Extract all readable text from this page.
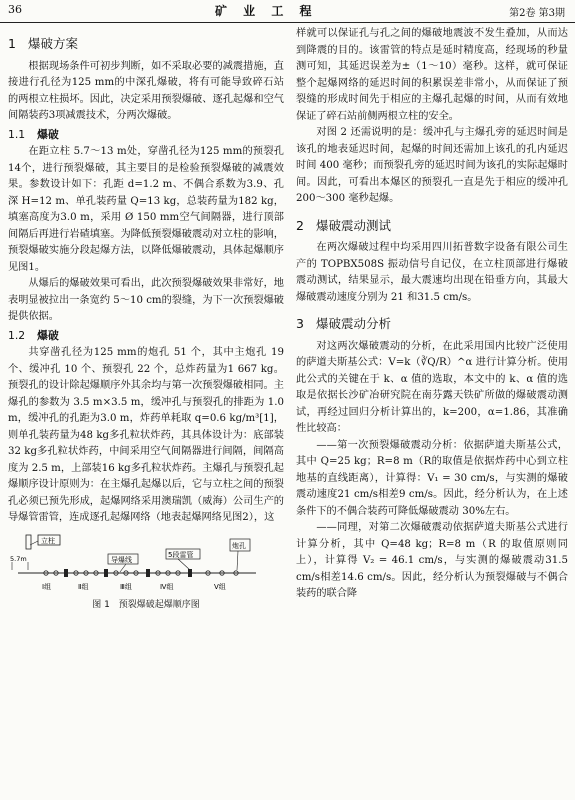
36	矿 业 工 程	第2卷 第3期
1 爆破方案

根据现场条件可初步判断，如不采取必要的减震措施，直接进行孔径为125 mm的中深孔爆破，将有可能导致碎石站的两根立柱损坏。因此，决定采用预裂爆破、逐孔起爆和空气间隔装药3项减震技术，分两次爆破。

1.1 爆破

在距立柱 5.7～13 m处，穿凿孔径为125 mm的预裂孔14个，进行预裂爆破，其主要目的是检验预裂爆破的减震效果。参数设计如下：孔距 d=1.2 m、不偶合系数为3.9、孔深 H=12 m、单孔装药量 Q=13 kg，总装药量为182 kg，填塞高度为3.0 m，采用 Ø 150 mm空气间隔器，进行顶部间隔后再进行岩碴填塞。为降低预裂爆破震动对立柱的影响，预裂爆破实施分段起爆方法，以降低爆破震动，具体起爆顺序见图1。

从爆后的爆破效果可看出，此次预裂爆破效果非常好，地表明显被拉出一条宽约 5～10 cm的裂缝，为下一次预裂爆破提供依据。

1.2 爆破

共穿凿孔径为125 mm的炮孔 51 个，其中主炮孔 19 个、缓冲孔 10 个、预裂孔 22 个，总炸药量为1 667 kg。预裂孔的设计除起爆顺序外其余均与第一次预裂爆破相同。主爆孔的参数为 3.5 m×3.5 m，缓冲孔与预裂孔的排距为 1.0 m，缓冲孔的孔距为3.0 m，炸药单耗取 q=0.6 kg/m³[1]，则单孔装药量为48 kg多孔粒状炸药，其具体设计为：底部装32 kg多孔粒状炸药，中间采用空气间隔器进行间隔，间隔高度为 2.5 m，上部装16 kg多孔粒状炸药。主爆孔与预裂孔起爆顺序设计原则为：在主爆孔起爆以后，它与立柱之间的预裂孔必须已预先形成，起爆网络采用澳瑞凯（威海）公司生产的导爆管雷管，连成逐孔起爆网络（地表起爆网络见图2），这

立柱
5.7m	导爆线
5段雷管
炮孔
Ⅰ组	Ⅱ组	Ⅲ组	Ⅳ组	Ⅴ组
图 1　预裂爆破起爆顺序图

样就可以保证孔与孔之间的爆破地震波不发生叠加，从而达到降震的目的。该雷管的特点是延时精度高，经现场的秒量测可知，其延迟误差为±（1～10）毫秒。这样，就可保证整个起爆网络的延迟时间的积累误差非常小，从而保证了预裂缝的形成时间先于相应的主爆孔起爆的时间，从而有效地保证了碎石站前侧两根立柱的安全。

对图 2 还需说明的是：缓冲孔与主爆孔旁的延迟时间是该孔的地表延迟时间，起爆的时间还需加上该孔的孔内延迟时间 400 毫秒；而预裂孔旁的延迟时间为该孔的实际起爆时间。因此，可看出本爆区的预裂孔一直是先于相应的缓冲孔200～300 毫秒起爆。

2 爆破震动测试

在两次爆破过程中均采用四川拓普数字设备有限公司生产的 TOPBX508S 振动信号自记仪，在立柱顶部进行爆破震动测试，结果显示，最大震速均出现在铅垂方向，其最大爆破震动速度分别为 21 和31.5 cm/s。

3 爆破震动分析

对这两次爆破震动的分析，在此采用国内比较广泛使用的萨道夫斯基公式：V=k（∛Q/R）^α 进行计算分析。使用此公式的关键在于 k、α 值的选取，本文中的 k、α 值的选取是依据长沙矿冶研究院在南芬露天铁矿所做的爆破震动测试，再经过回归分析计算出的，k=200，α=1.86，其准确性比较高：

——第一次预裂爆破震动分析：依据萨道夫斯基公式，其中 Q=25 kg；R=8 m（R的取值是依据炸药中心到立柱地基的直线距离），计算得：V₁ = 30 cm/s，与实测的爆破震动速度21 cm/s相差9 cm/s。因此，经分析认为，在上述条件下的不偶合装药可降低爆破震动 30%左右。

——同理，对第二次爆破震动依据萨道夫斯基公式进行计算分析，其中 Q=48 kg；R=8 m（R 的取值原则同上），计算得 V₂ = 46.1 cm/s，与实测的爆破震动31.5 cm/s相差14.6 cm/s。因此，经分析认为预裂爆破与不偶合装药的联合降
